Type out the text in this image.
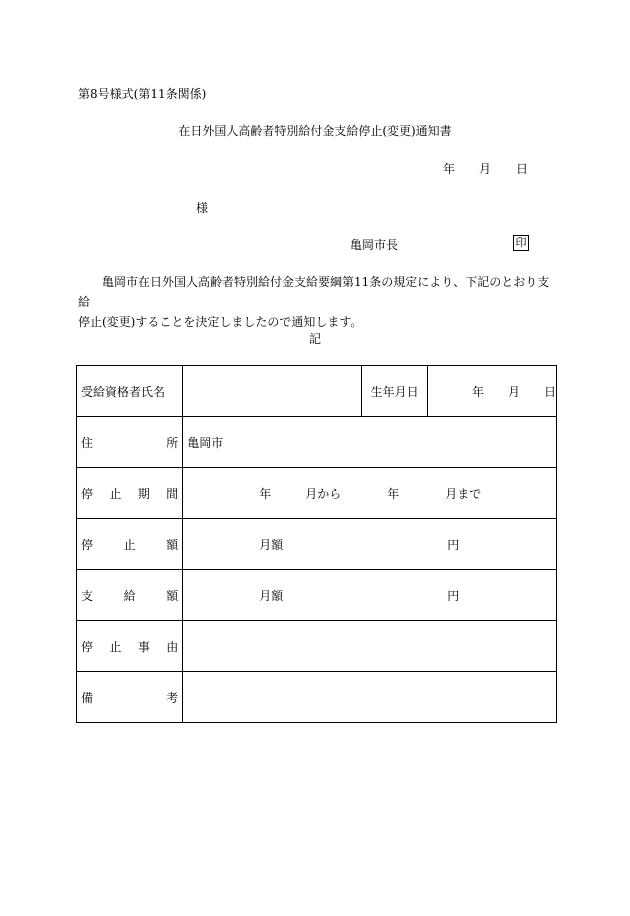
第8号様式(第11条関係)
在日外国人高齢者特別給付金支給停止(変更)通知書
年 月 日
様
亀岡市長	印

亀岡市在日外国人高齢者特別給付金支給要綱第11条の規定により、下記のとおり支給

停止(変更)することを決定しましたので通知します。

記
受給資格者氏名		生年月日	年 月 日

住 所	亀岡市		

停 止 期 間	年 月から 年 月まで		

停 止 額	月額 円		

支 給 額	月額 円		

停 止 事 由			

備 考			
